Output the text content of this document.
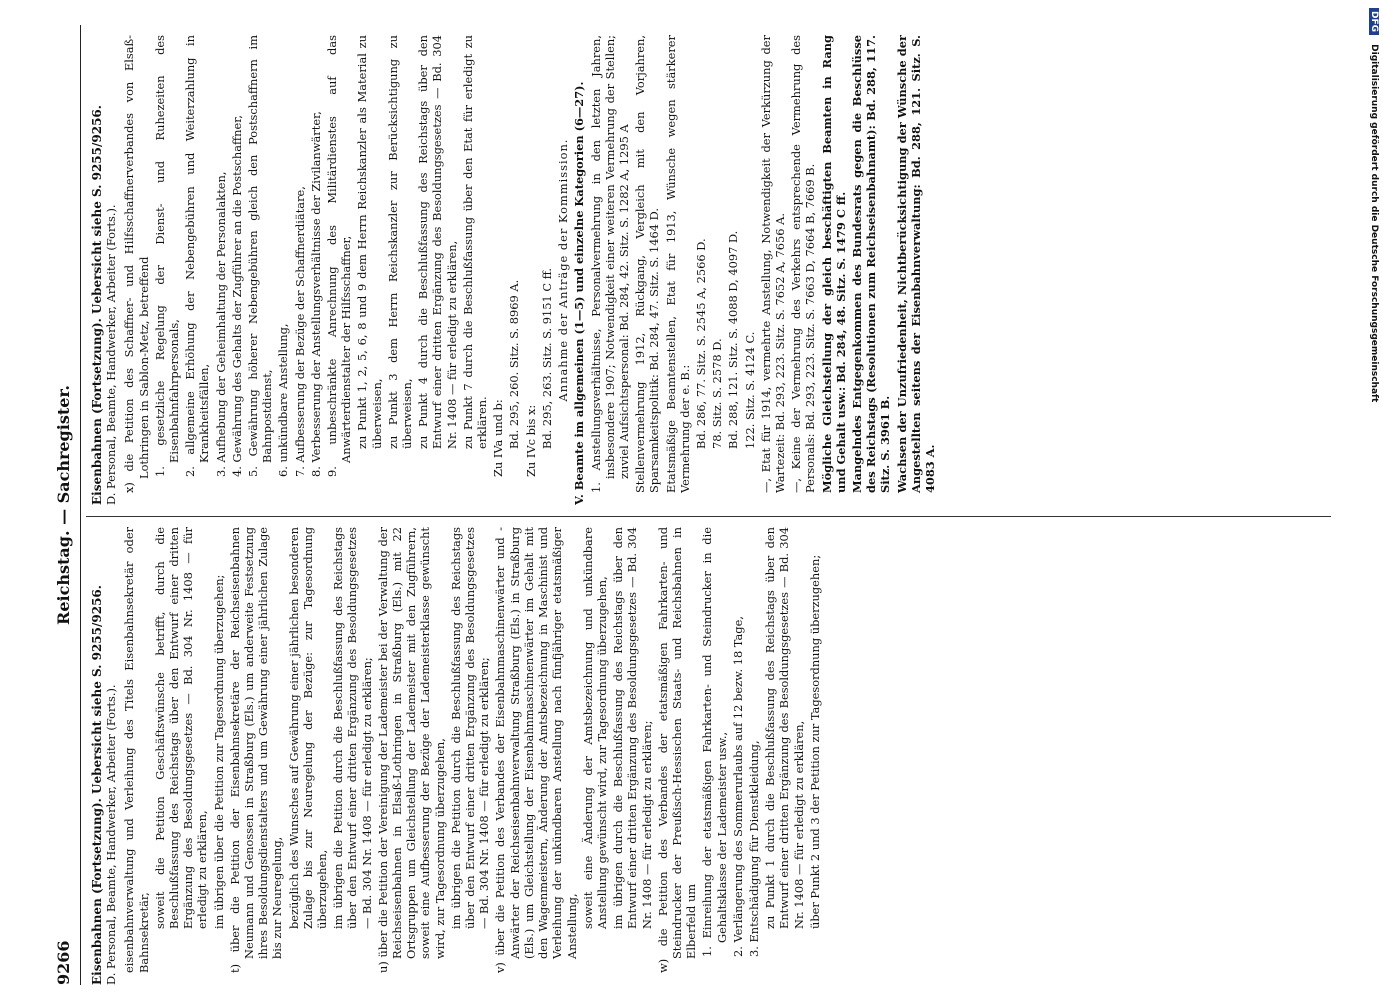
9266
Reichstag. — Sachregister.
Eisenbahnen (Fortsetzung). Uebersicht siehe S. 9255/9256. D. Personal, Beamte, Handwerker, Arbeiter (Forts.). eisenbahnverwaltung und Verleihung des Titels Eisenbahnsekretär oder Bahnsekretär,

soweit die Petition Geschäftswünsche betrifft, durch die Beschlußfassung des Reichstags über den Entwurf einer dritten Ergänzung des Besoldungsgesetzes — Bd. 304 Nr. 1408 — für erledigt zu erklären, im übrigen über die Petition zur Tagesordnung überzugehen; t) über die Petition der Eisenbahnsekretäre der Reichseisenbahnen Neumann und Genossen in Straßburg (Els.) um anderweite Festsetzung ihres Besoldungsdienstalters und um Gewährung einer jährlichen Zulage bis zur Neuregelung, bezüglich des Wunsches auf Gewährung einer jährlichen besonderen Zulage bis zur Neuregelung der Bezüge: zur Tagesordnung überzugehen, im übrigen die Petition durch die Beschlußfassung des Reichstags über den Entwurf einer dritten Ergänzung des Besoldungsgesetzes — Bd. 304 Nr. 1408 — für erledigt zu erklären; u) über die Petition der Vereinigung der Lademeister bei der Verwaltung der Reichseisenbahnen in Elsaß-Lothringen in Straßburg (Els.) mit 22 Ortsgruppen um Gleichstellung der Lademeister mit den Zugführern, soweit eine Aufbesserung der Bezüge der Lademeisterklasse gewünscht wird, zur Tagesordnung überzugehen, im übrigen die Petition durch die Beschlußfassung des Reichstags über den Entwurf einer dritten Ergänzung des Besoldungsgesetzes — Bd. 304 Nr. 1408 — für erledigt zu erklären; v) über die Petition des Verbandes der Eisenbahnmaschinenwärter und -Anwärter der Reichseisenbahnverwaltung Straßburg (Els.) in Straßburg (Els.) um Gleichstellung der Eisenbahnmaschinenwärter im Gehalt mit den Wagenmeistern, Änderung der Amtsbezeichnung in Maschinist und Verleihung der unkündbaren Anstellung nach fünfjähriger etatsmäßiger Anstellung, soweit eine Änderung der Amtsbezeichnung und unkündbare Anstellung gewünscht wird, zur Tagesordnung überzugehen, im übrigen durch die Beschlußfassung des Reichstags über den Entwurf einer dritten Ergänzung des Besoldungsgesetzes — Bd. 304 Nr. 1408 — für erledigt zu erklären; w) die Petition des Verbandes der etatsmäßigen Fahrkarten- und Steindrucker der Preußisch-Hessischen Staats- und Reichsbahnen in Elberfeld um 1. Einreihung der etatsmäßigen Fahrkarten- und Steindrucker in die Gehaltsklasse der Lademeister usw., 2. Verlängerung des Sommerurlaubs auf 12 bezw. 18 Tage, 3. Entschädigung für Dienstkleidung, zu Punkt 1 durch die Beschlußfassung des Reichstags über den Entwurf einer dritten Ergänzung des Besoldungsgesetzes — Bd. 304 Nr. 1408 — für erledigt zu erklären, über Punkt 2 und 3 der Petition zur Tagesordnung überzugehen;

Eisenbahnen (Fortsetzung). Uebersicht siehe S. 9255/9256. D. Personal, Beamte, Handwerker, Arbeiter (Forts.). x) die Petition des Schaffner- und Hilfsschaffnerverbandes von Elsaß-Lothringen in Sablon-Metz, betreffend 1. gesetzliche Regelung der Dienst- und Ruhezeiten des Eisenbahnfahrpersonals, 2. allgemeine Erhöhung der Nebengebühren und Weiterzahlung in Krankheitsfällen, 3. Aufhebung der Geheimhaltung der Personalakten, 4. Gewährung des Gehalts der Zugführer an die Postschaffner, 5. Gewährung höherer Nebengebühren gleich den Postschaffnern im Bahnpostdienst, 6. unkündbare Anstellung, 7. Aufbesserung der Bezüge der Schaffnerdiätare, 8. Verbesserung der Anstellungsverhältnisse der Zivilanwärter, 9. unbeschränkte Anrechnung des Militärdienstes auf das Anwärterdienstalter der Hilfsschaffner, zu Punkt 1, 2, 5, 6, 8 und 9 dem Herrn Reichskanzler als Material zu überweisen, zu Punkt 3 dem Herrn Reichskanzler zur Berücksichtigung zu überweisen, zu Punkt 4 durch die Beschlußfassung des Reichstags über den Entwurf einer dritten Ergänzung des Besoldungsgesetzes — Bd. 304 Nr. 1408 — für erledigt zu erklären, zu Punkt 7 durch die Beschlußfassung über den Etat für erledigt zu erklären. Zu IVa und b: Bd. 295, 260. Sitz. S. 8969 A. Zu IVc bis x: Bd. 295, 263. Sitz. S. 9151 C ff. Annahme der Anträge der Kommission. V. Beamte im allgemeinen (1—5) und einzelne Kategorien (6—27). 1. Anstellungsverhältnisse, Personalvermehrung in den letzten Jahren, insbesondere 1907; Notwendigkeit einer weiteren Vermehrung der Stellen; zuviel Aufsichtspersonal: Bd. 284, 42. Sitz. S. 1282 A, 1295 A Stellenvermehrung 1912, Rückgang, Vergleich mit den Vorjahren, Sparsamkeitspolitik: Bd. 284, 47. Sitz. S. 1464 D. Etatsmäßige Beamtenstellen, Etat für 1913, Wünsche wegen stärkerer Vermehrung der e. B.: Bd. 286, 77. Sitz. S. 2545 A, 2566 D. 78. Sitz. S. 2578 D. Bd. 288, 121. Sitz. S. 4088 D, 4097 D. 122. Sitz. S. 4124 C. —, Etat für 1914, vermehrte Anstellung, Notwendigkeit der Verkürzung der Wartezeit: Bd. 293, 223. Sitz. S. 7652 A, 7656 A. —, Keine der Vermehrung des Verkehrs entsprechende Vermehrung des Personals: Bd. 293, 223. Sitz. S. 7663 D, 7664 B, 7669 B. Mögliche Gleichstellung der gleich beschäftigten Beamten in Rang und Gehalt usw.: Bd. 284, 48. Sitz. S. 1479 C ff. Mangelndes Entgegenkommen des Bundesrats gegen die Beschlüsse des Reichstags (Resolutionen zum Reichseisenbahnamt): Bd. 288, 117. Sitz. S. 3961 B. Wachsen der Unzufriedenheit, Nichtberücksichtigung der Wünsche der Angestellten seitens der Eisenbahnverwaltung: Bd. 288, 121. Sitz. S. 4083 A.

DFG Digitalisierung gefördert durch die Deutsche Forschungsgemeinschaft
